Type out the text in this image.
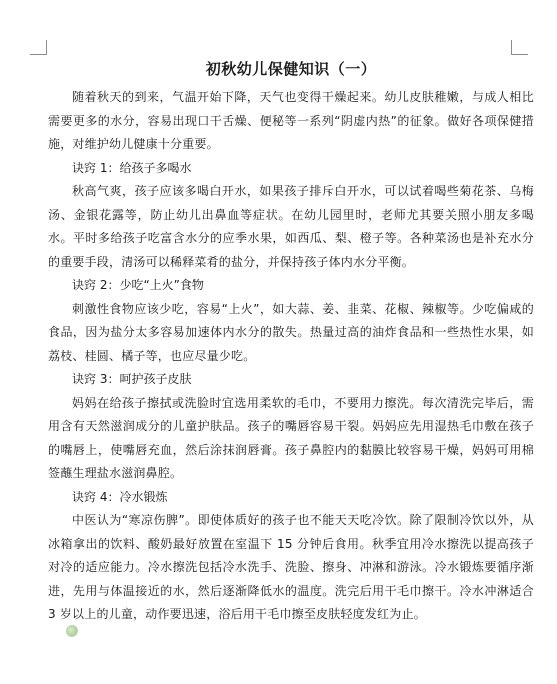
初秋幼儿保健知识（一）

随着秋天的到来，气温开始下降，天气也变得干燥起来。幼儿皮肤稚嫩，与成人相比需要更多的水分，容易出现口干舌燥、便秘等一系列“阴虚内热”的征象。做好各项保健措施，对维护幼儿健康十分重要。

诀窍 1：给孩子多喝水

秋高气爽，孩子应该多喝白开水，如果孩子排斥白开水，可以试着喝些菊花茶、乌梅汤、金银花露等，防止幼儿出鼻血等症状。在幼儿园里时，老师尤其要关照小朋友多喝水。平时多给孩子吃富含水分的应季水果，如西瓜、梨、橙子等。各种菜汤也是补充水分的重要手段，清汤可以稀释菜肴的盐分，并保持孩子体内水分平衡。

诀窍 2：少吃“上火”食物

刺激性食物应该少吃，容易“上火”，如大蒜、姜、韭菜、花椒、辣椒等。少吃偏咸的食品，因为盐分太多容易加速体内水分的散失。热量过高的油炸食品和一些热性水果，如荔枝、桂圆、橘子等，也应尽量少吃。

诀窍 3：呵护孩子皮肤

妈妈在给孩子擦拭或洗脸时宜选用柔软的毛巾，不要用力擦洗。每次清洗完毕后，需用含有天然滋润成分的儿童护肤品。孩子的嘴唇容易干裂。妈妈应先用湿热毛巾敷在孩子的嘴唇上，使嘴唇充血，然后涂抹润唇膏。孩子鼻腔内的黏膜比较容易干燥，妈妈可用棉签蘸生理盐水滋润鼻腔。

诀窍 4：冷水锻炼

中医认为“寒凉伤脾”。即使体质好的孩子也不能天天吃冷饮。除了限制冷饮以外，从冰箱拿出的饮料、酸奶最好放置在室温下 15 分钟后食用。秋季宜用冷水擦洗以提高孩子对冷的适应能力。冷水擦洗包括冷水洗手、洗脸、擦身、冲淋和游泳。冷水锻炼要循序渐进，先用与体温接近的水，然后逐渐降低水的温度。洗完后用干毛巾擦干。冷水冲淋适合 3 岁以上的儿童，动作要迅速，浴后用干毛巾擦至皮肤轻度发红为止。
